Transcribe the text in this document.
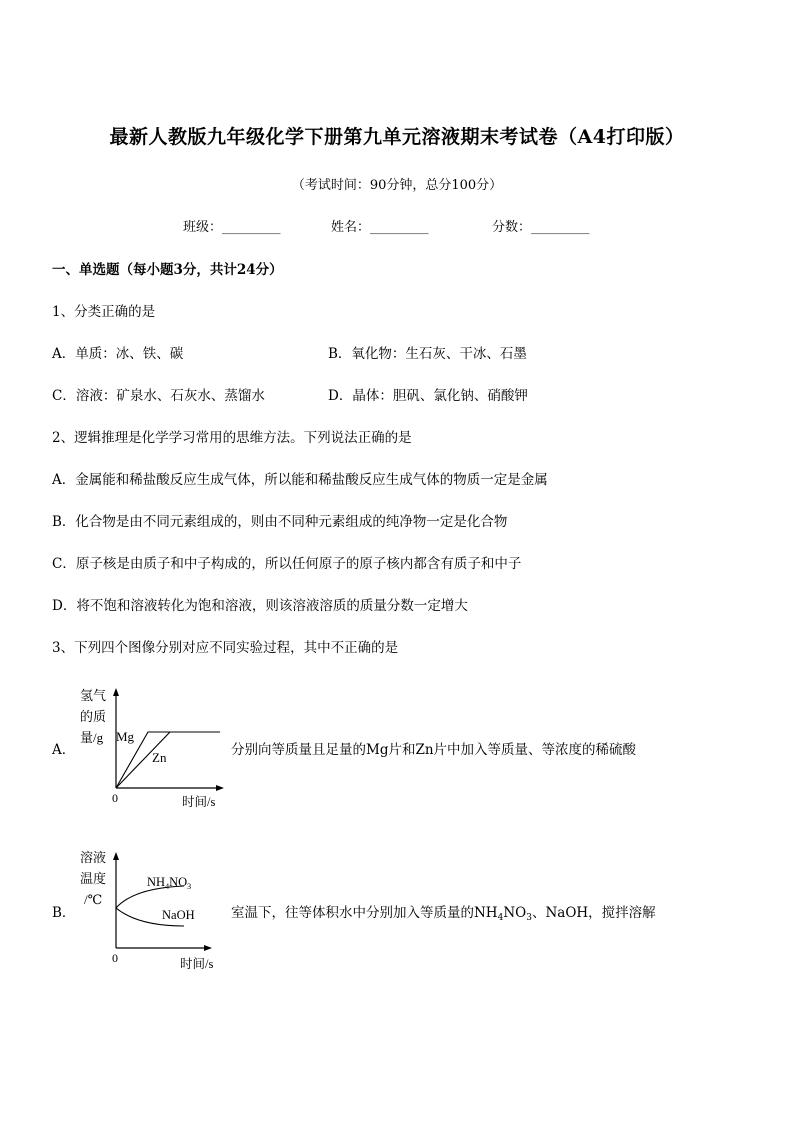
最新人教版九年级化学下册第九单元溶液期末考试卷（A4打印版）
（考试时间：90分钟，总分100分）
班级：_________	姓名：_________	分数：_________
一、单选题（每小题3分，共计24分）
1、分类正确的是
A．单质：冰、铁、碳	B．氧化物：生石灰、干冰、石墨
C．溶液：矿泉水、石灰水、蒸馏水	D．晶体：胆矾、氯化钠、硝酸钾
2、逻辑推理是化学学习常用的思维方法。下列说法正确的是
A．金属能和稀盐酸反应生成气体，所以能和稀盐酸反应生成气体的物质一定是金属
B．化合物是由不同元素组成的，则由不同种元素组成的纯净物一定是化合物
C．原子核是由质子和中子构成的，所以任何原子的原子核内都含有质子和中子
D．将不饱和溶液转化为饱和溶液，则该溶液溶质的质量分数一定增大
3、下列四个图像分别对应不同实验过程，其中不正确的是
A．
氢气
的质
量/g Mg
Zn
0	时间/s
分别向等质量且足量的Mg片和Zn片中加入等质量、等浓度的稀硫酸
B．
溶液
温度
/℃
$NH_4NO_3$
NaOH
0	时间/s
室温下，往等体积水中分别加入等质量的$NH_4NO_3$、NaOH，搅拌溶解
